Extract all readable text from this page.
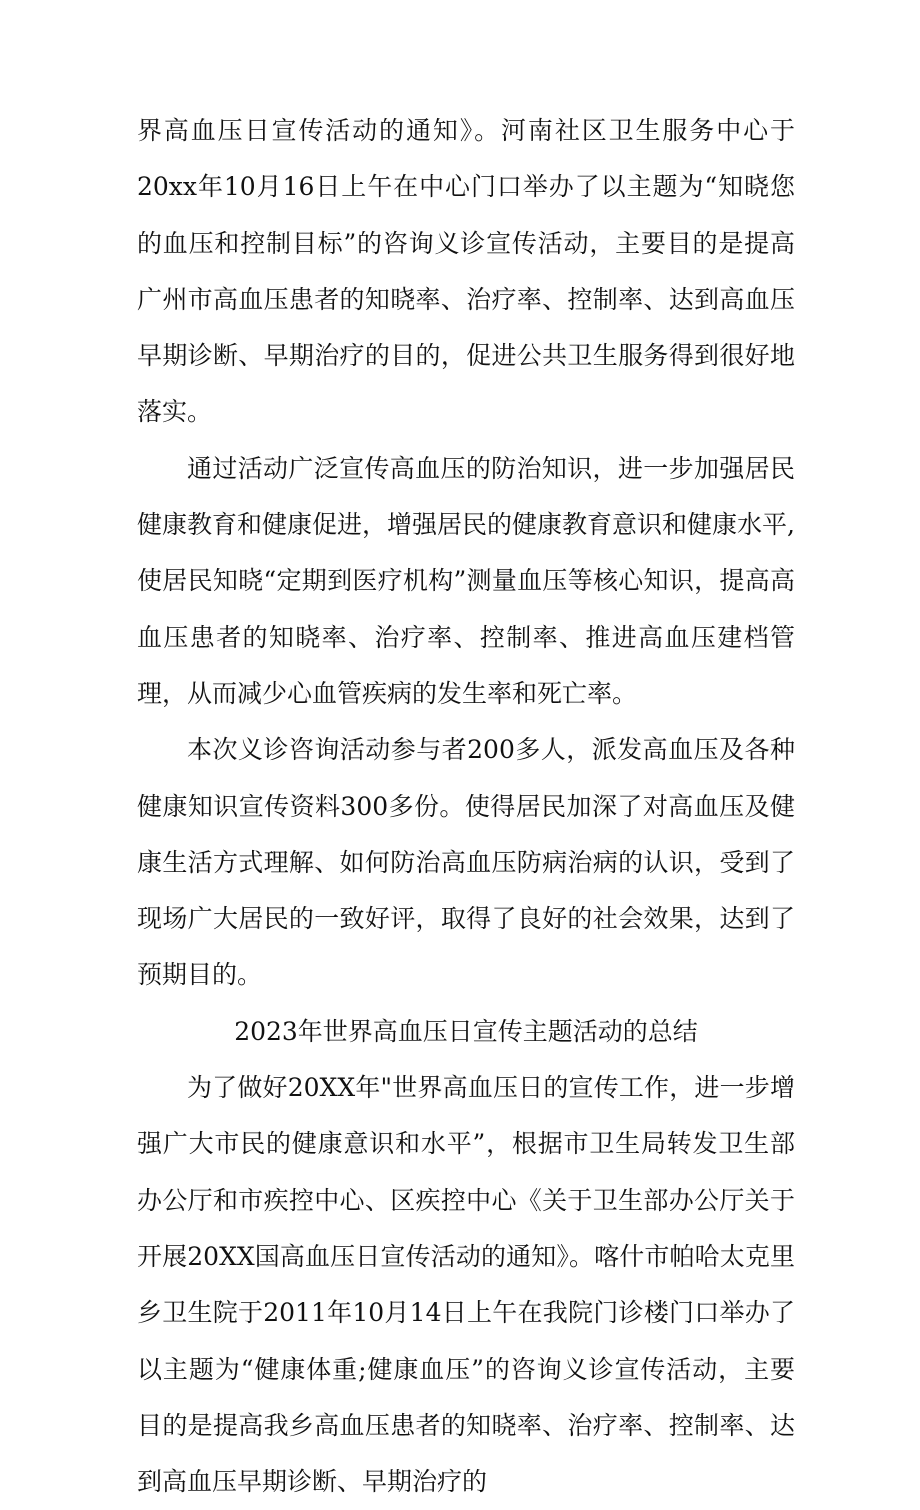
界高血压日宣传活动的通知》。河南社区卫生服务中心于20xx年10月16日上午在中心门口举办了以主题为“知晓您的血压和控制目标”的咨询义诊宣传活动，主要目的是提高广州市高血压患者的知晓率、治疗率、控制率、达到高血压早期诊断、早期治疗的目的，促进公共卫生服务得到很好地落实。

通过活动广泛宣传高血压的防治知识，进一步加强居民健康教育和健康促进，增强居民的健康教育意识和健康水平,使居民知晓“定期到医疗机构”测量血压等核心知识，提高高血压患者的知晓率、治疗率、控制率、推进高血压建档管理，从而减少心血管疾病的发生率和死亡率。

本次义诊咨询活动参与者200多人，派发高血压及各种健康知识宣传资料300多份。使得居民加深了对高血压及健康生活方式理解、如何防治高血压防病治病的认识，受到了现场广大居民的一致好评，取得了良好的社会效果，达到了预期目的。

2023年世界高血压日宣传主题活动的总结

为了做好20XX年"世界高血压日的宣传工作，进一步增强广大市民的健康意识和水平”，根据市卫生局转发卫生部办公厅和市疾控中心、区疾控中心《关于卫生部办公厅关于开展20XX国高血压日宣传活动的通知》。喀什市帕哈太克里乡卫生院于2011年10月14日上午在我院门诊楼门口举办了以主题为“健康体重;健康血压”的咨询义诊宣传活动，主要目的是提高我乡高血压患者的知晓率、治疗率、控制率、达到高血压早期诊断、早期治疗的
